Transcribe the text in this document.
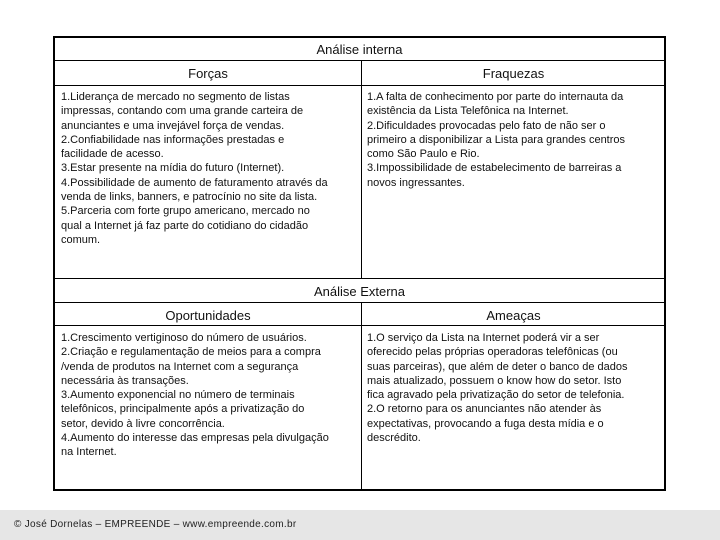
Análise interna
Forças	Fraquezas
1.Liderança de mercado no segmento de listas
impressas, contando com uma grande carteira de
anunciantes e uma invejável força de vendas.
2.Confiabilidade nas informações prestadas e
facilidade de acesso.
3.Estar presente na mídia do futuro (Internet).
4.Possibilidade de aumento de faturamento através da
venda de links, banners, e patrocínio no site da lista.
5.Parceria com forte grupo americano, mercado no
qual a Internet já faz parte do cotidiano do cidadão
comum.
1.A falta de conhecimento por parte do internauta da
existência da Lista Telefônica na Internet.
2.Dificuldades provocadas pelo fato de não ser o
primeiro a disponibilizar a Lista para grandes centros
como São Paulo e Rio.
3.Impossibilidade de estabelecimento de barreiras a
novos ingressantes.
Análise Externa
Oportunidades	Ameaças
1.Crescimento vertiginoso do número de usuários.
2.Criação e regulamentação de meios para a compra
/venda de produtos na Internet com a segurança
necessária às transações.
3.Aumento exponencial no número de terminais
telefônicos, principalmente após a privatização do
setor, devido à livre concorrência.
4.Aumento do interesse das empresas pela divulgação
na Internet.
1.O serviço da Lista na Internet poderá vir a ser
oferecido pelas próprias operadoras telefônicas (ou
suas parceiras), que além de deter o banco de dados
mais atualizado, possuem o know how do setor. Isto
fica agravado pela privatização do setor de telefonia.
2.O retorno para os anunciantes não atender às
expectativas, provocando a fuga desta mídia e o
descrédito.
© José Dornelas – EMPREENDE – www.empreende.com.br
